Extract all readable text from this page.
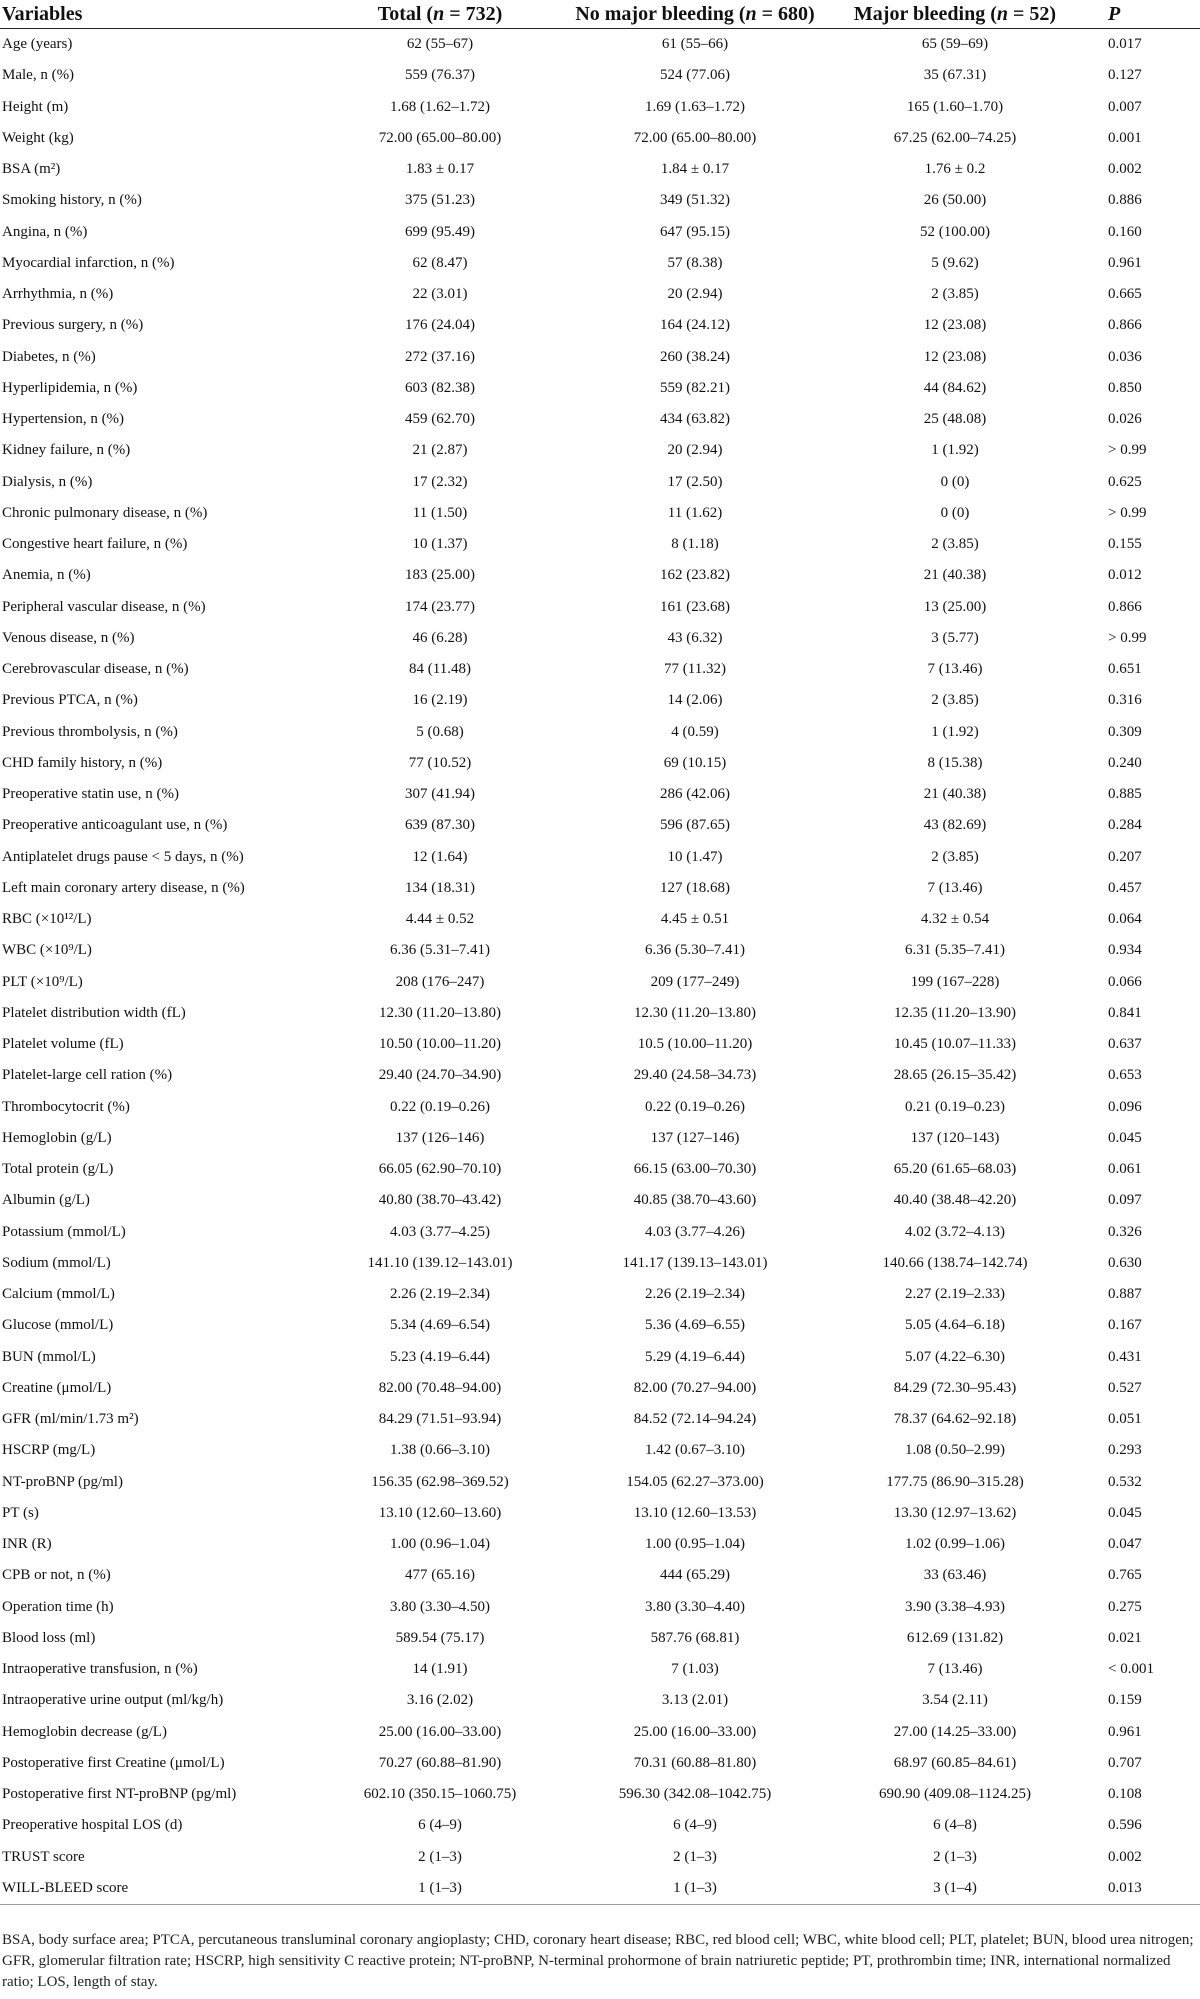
Variables	Total (n = 732)	No major bleeding (n = 680)	Major bleeding (n = 52)	P
Age (years)	62 (55–67)	61 (55–66)	65 (59–69)	0.017
Male, n (%)	559 (76.37)	524 (77.06)	35 (67.31)	0.127
Height (m)	1.68 (1.62–1.72)	1.69 (1.63–1.72)	165 (1.60–1.70)	0.007
Weight (kg)	72.00 (65.00–80.00)	72.00 (65.00–80.00)	67.25 (62.00–74.25)	0.001
BSA (m²)	1.83 ± 0.17	1.84 ± 0.17	1.76 ± 0.2	0.002
Smoking history, n (%)	375 (51.23)	349 (51.32)	26 (50.00)	0.886
Angina, n (%)	699 (95.49)	647 (95.15)	52 (100.00)	0.160
Myocardial infarction, n (%)	62 (8.47)	57 (8.38)	5 (9.62)	0.961
Arrhythmia, n (%)	22 (3.01)	20 (2.94)	2 (3.85)	0.665
Previous surgery, n (%)	176 (24.04)	164 (24.12)	12 (23.08)	0.866
Diabetes, n (%)	272 (37.16)	260 (38.24)	12 (23.08)	0.036
Hyperlipidemia, n (%)	603 (82.38)	559 (82.21)	44 (84.62)	0.850
Hypertension, n (%)	459 (62.70)	434 (63.82)	25 (48.08)	0.026
Kidney failure, n (%)	21 (2.87)	20 (2.94)	1 (1.92)	> 0.99
Dialysis, n (%)	17 (2.32)	17 (2.50)	0 (0)	0.625
Chronic pulmonary disease, n (%)	11 (1.50)	11 (1.62)	0 (0)	> 0.99
Congestive heart failure, n (%)	10 (1.37)	8 (1.18)	2 (3.85)	0.155
Anemia, n (%)	183 (25.00)	162 (23.82)	21 (40.38)	0.012
Peripheral vascular disease, n (%)	174 (23.77)	161 (23.68)	13 (25.00)	0.866
Venous disease, n (%)	46 (6.28)	43 (6.32)	3 (5.77)	> 0.99
Cerebrovascular disease, n (%)	84 (11.48)	77 (11.32)	7 (13.46)	0.651
Previous PTCA, n (%)	16 (2.19)	14 (2.06)	2 (3.85)	0.316
Previous thrombolysis, n (%)	5 (0.68)	4 (0.59)	1 (1.92)	0.309
CHD family history, n (%)	77 (10.52)	69 (10.15)	8 (15.38)	0.240
Preoperative statin use, n (%)	307 (41.94)	286 (42.06)	21 (40.38)	0.885
Preoperative anticoagulant use, n (%)	639 (87.30)	596 (87.65)	43 (82.69)	0.284
Antiplatelet drugs pause < 5 days, n (%)	12 (1.64)	10 (1.47)	2 (3.85)	0.207
Left main coronary artery disease, n (%)	134 (18.31)	127 (18.68)	7 (13.46)	0.457
RBC (×10¹²/L)	4.44 ± 0.52	4.45 ± 0.51	4.32 ± 0.54	0.064
WBC (×10⁹/L)	6.36 (5.31–7.41)	6.36 (5.30–7.41)	6.31 (5.35–7.41)	0.934
PLT (×10⁹/L)	208 (176–247)	209 (177–249)	199 (167–228)	0.066
Platelet distribution width (fL)	12.30 (11.20–13.80)	12.30 (11.20–13.80)	12.35 (11.20–13.90)	0.841
Platelet volume (fL)	10.50 (10.00–11.20)	10.5 (10.00–11.20)	10.45 (10.07–11.33)	0.637
Platelet-large cell ration (%)	29.40 (24.70–34.90)	29.40 (24.58–34.73)	28.65 (26.15–35.42)	0.653
Thrombocytocrit (%)	0.22 (0.19–0.26)	0.22 (0.19–0.26)	0.21 (0.19–0.23)	0.096
Hemoglobin (g/L)	137 (126–146)	137 (127–146)	137 (120–143)	0.045
Total protein (g/L)	66.05 (62.90–70.10)	66.15 (63.00–70.30)	65.20 (61.65–68.03)	0.061
Albumin (g/L)	40.80 (38.70–43.42)	40.85 (38.70–43.60)	40.40 (38.48–42.20)	0.097
Potassium (mmol/L)	4.03 (3.77–4.25)	4.03 (3.77–4.26)	4.02 (3.72–4.13)	0.326
Sodium (mmol/L)	141.10 (139.12–143.01)	141.17 (139.13–143.01)	140.66 (138.74–142.74)	0.630
Calcium (mmol/L)	2.26 (2.19–2.34)	2.26 (2.19–2.34)	2.27 (2.19–2.33)	0.887
Glucose (mmol/L)	5.34 (4.69–6.54)	5.36 (4.69–6.55)	5.05 (4.64–6.18)	0.167
BUN (mmol/L)	5.23 (4.19–6.44)	5.29 (4.19–6.44)	5.07 (4.22–6.30)	0.431
Creatine (μmol/L)	82.00 (70.48–94.00)	82.00 (70.27–94.00)	84.29 (72.30–95.43)	0.527
GFR (ml/min/1.73 m²)	84.29 (71.51–93.94)	84.52 (72.14–94.24)	78.37 (64.62–92.18)	0.051
HSCRP (mg/L)	1.38 (0.66–3.10)	1.42 (0.67–3.10)	1.08 (0.50–2.99)	0.293
NT-proBNP (pg/ml)	156.35 (62.98–369.52)	154.05 (62.27–373.00)	177.75 (86.90–315.28)	0.532
PT (s)	13.10 (12.60–13.60)	13.10 (12.60–13.53)	13.30 (12.97–13.62)	0.045
INR (R)	1.00 (0.96–1.04)	1.00 (0.95–1.04)	1.02 (0.99–1.06)	0.047
CPB or not, n (%)	477 (65.16)	444 (65.29)	33 (63.46)	0.765
Operation time (h)	3.80 (3.30–4.50)	3.80 (3.30–4.40)	3.90 (3.38–4.93)	0.275
Blood loss (ml)	589.54 (75.17)	587.76 (68.81)	612.69 (131.82)	0.021
Intraoperative transfusion, n (%)	14 (1.91)	7 (1.03)	7 (13.46)	< 0.001
Intraoperative urine output (ml/kg/h)	3.16 (2.02)	3.13 (2.01)	3.54 (2.11)	0.159
Hemoglobin decrease (g/L)	25.00 (16.00–33.00)	25.00 (16.00–33.00)	27.00 (14.25–33.00)	0.961
Postoperative first Creatine (μmol/L)	70.27 (60.88–81.90)	70.31 (60.88–81.80)	68.97 (60.85–84.61)	0.707
Postoperative first NT-proBNP (pg/ml)	602.10 (350.15–1060.75)	596.30 (342.08–1042.75)	690.90 (409.08–1124.25)	0.108
Preoperative hospital LOS (d)	6 (4–9)	6 (4–9)	6 (4–8)	0.596
TRUST score	2 (1–3)	2 (1–3)	2 (1–3)	0.002
WILL-BLEED score	1 (1–3)	1 (1–3)	3 (1–4)	0.013
BSA, body surface area; PTCA, percutaneous transluminal coronary angioplasty; CHD, coronary heart disease; RBC, red blood cell; WBC, white blood cell; PLT, platelet; BUN, blood urea nitrogen; GFR, glomerular filtration rate; HSCRP, high sensitivity C reactive protein; NT-proBNP, N-terminal prohormone of brain natriuretic peptide; PT, prothrombin time; INR, international normalized ratio; LOS, length of stay.
